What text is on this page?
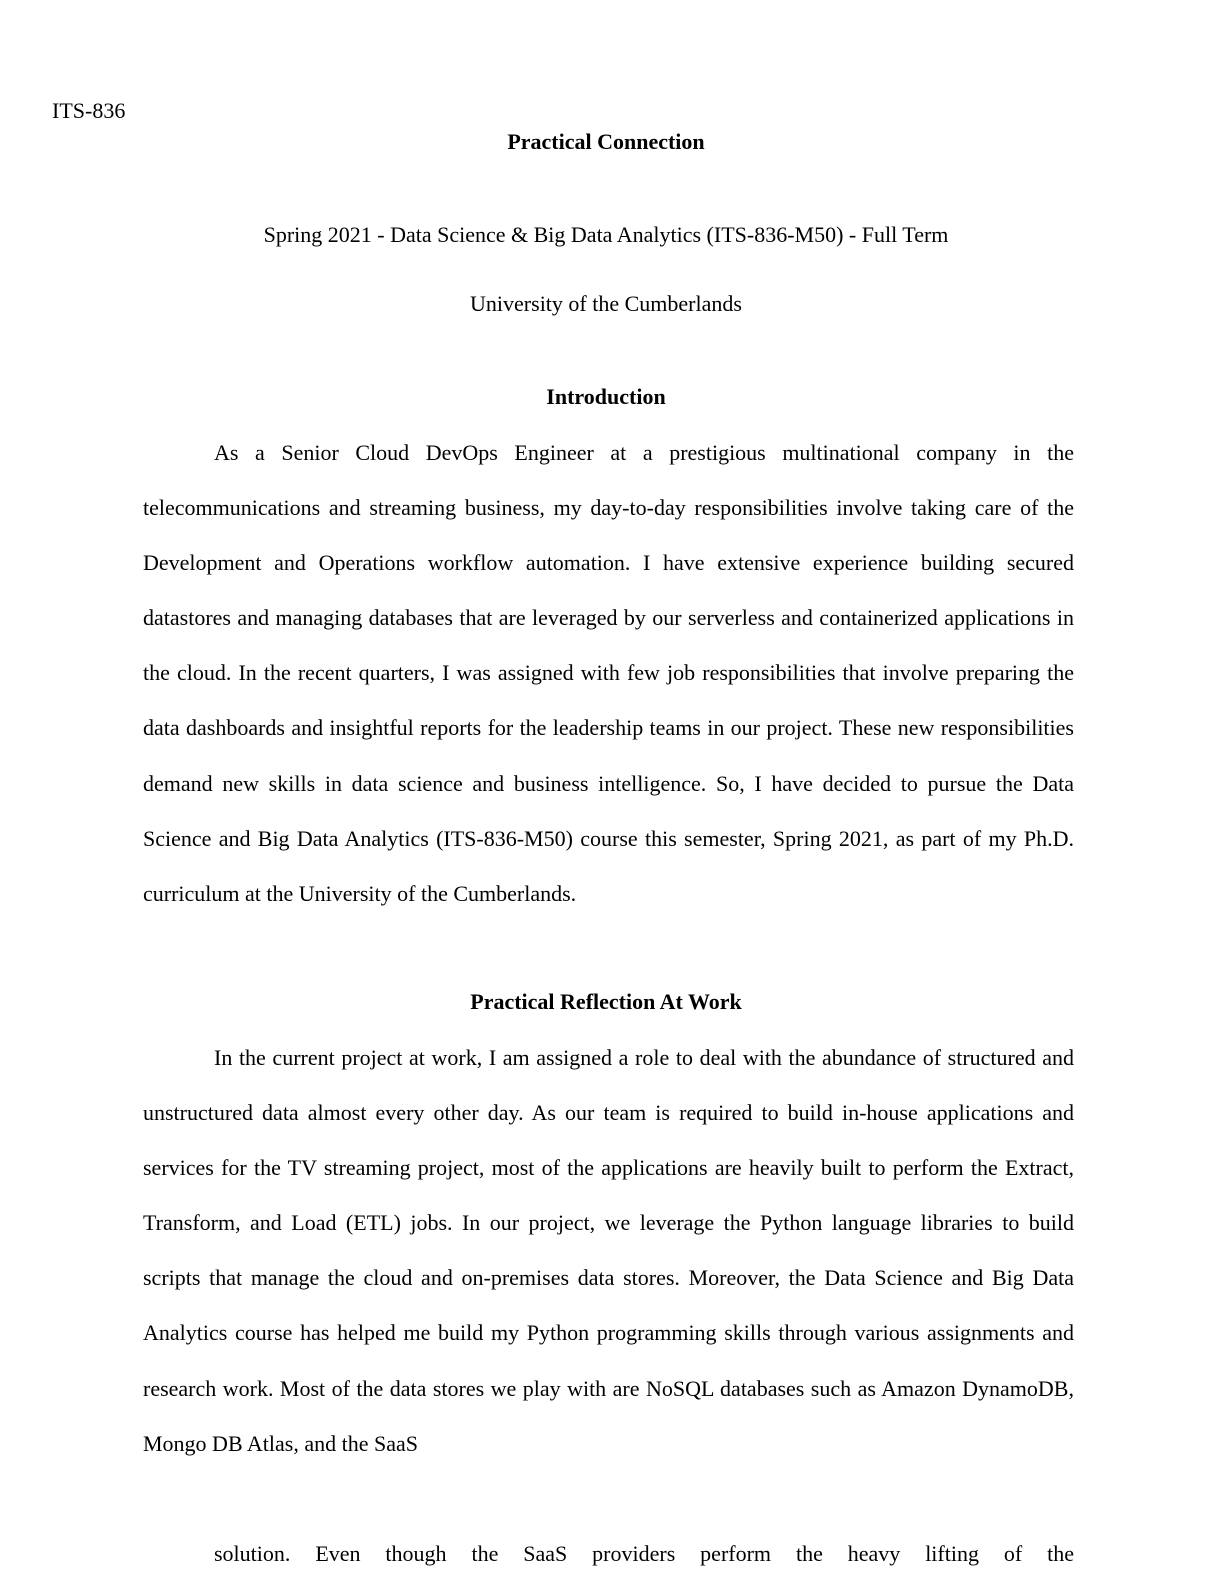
ITS-836
Practical Connection
Spring 2021 - Data Science & Big Data Analytics (ITS-836-M50) - Full Term
University of the Cumberlands
Introduction

As a Senior Cloud DevOps Engineer at a prestigious multinational company in the telecommunications and streaming business, my day-to-day responsibilities involve taking care of the Development and Operations workflow automation. I have extensive experience building secured datastores and managing databases that are leveraged by our serverless and containerized applications in the cloud. In the recent quarters, I was assigned with few job responsibilities that involve preparing the data dashboards and insightful reports for the leadership teams in our project. These new responsibilities demand new skills in data science and business intelligence. So, I have decided to pursue the Data Science and Big Data Analytics (ITS-836-M50) course this semester, Spring 2021, as part of my Ph.D. curriculum at the University of the Cumberlands.

Practical Reflection At Work

In the current project at work, I am assigned a role to deal with the abundance of structured and unstructured data almost every other day. As our team is required to build in-house applications and services for the TV streaming project, most of the applications are heavily built to perform the Extract, Transform, and Load (ETL) jobs. In our project, we leverage the Python language libraries to build scripts that manage the cloud and on-premises data stores. Moreover, the Data Science and Big Data Analytics course has helped me build my Python programming skills through various assignments and research work. Most of the data stores we play with are NoSQL databases such as Amazon DynamoDB, Mongo DB Atlas, and the SaaS

solution. Even though the SaaS providers perform the heavy lifting of the
